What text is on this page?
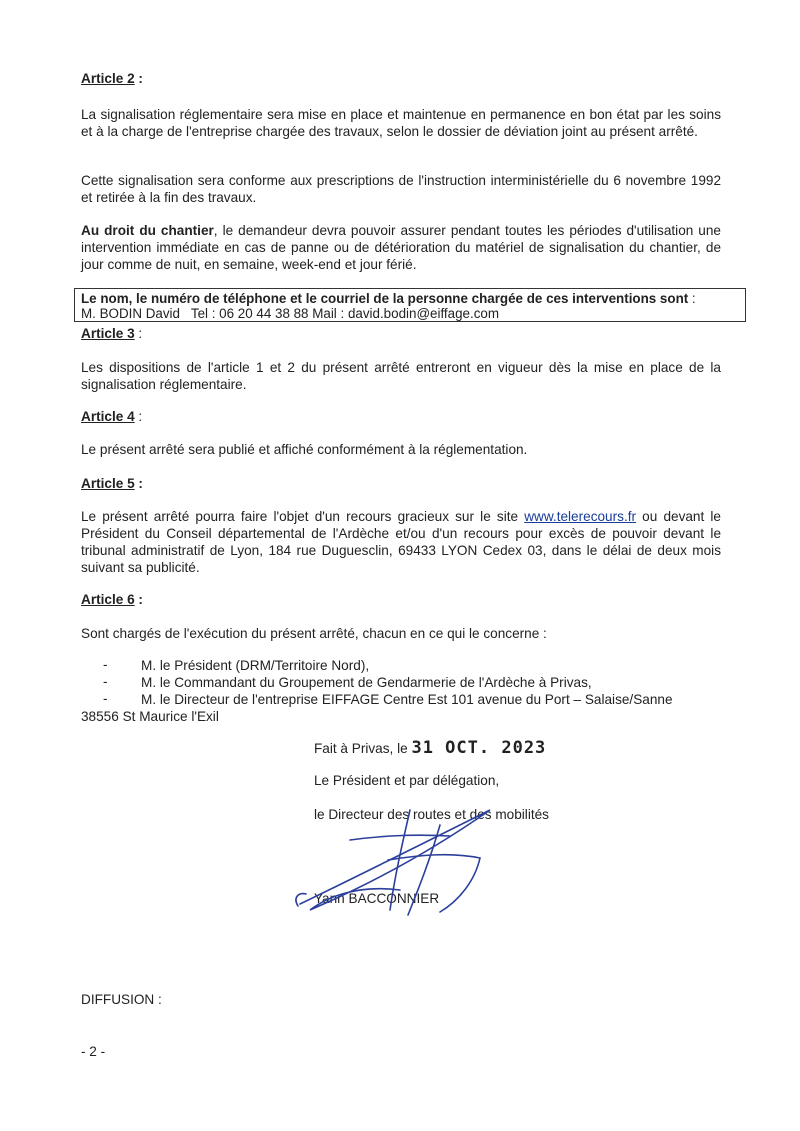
Article 2 :
La signalisation réglementaire sera mise en place et maintenue en permanence en bon état par les soins et à la charge de l'entreprise chargée des travaux, selon le dossier de déviation joint au présent arrêté.
Cette signalisation sera conforme aux prescriptions de l'instruction interministérielle du 6 novembre 1992 et retirée à la fin des travaux.
Au droit du chantier, le demandeur devra pouvoir assurer pendant toutes les périodes d'utilisation une intervention immédiate en cas de panne ou de détérioration du matériel de signalisation du chantier, de jour comme de nuit, en semaine, week-end et jour férié.
Le nom, le numéro de téléphone et le courriel de la personne chargée de ces interventions sont :
M. BODIN David   Tel : 06 20 44 38 88 Mail : david.bodin@eiffage.com
Article 3 :
Les dispositions de l'article 1 et 2 du présent arrêté entreront en vigueur dès la mise en place de la signalisation réglementaire.
Article 4 :
Le présent arrêté sera publié et affiché conformément à la réglementation.
Article 5 :
Le présent arrêté pourra faire l'objet d'un recours gracieux sur le site www.telerecours.fr ou devant le Président du Conseil départemental de l'Ardèche et/ou d'un recours pour excès de pouvoir devant le tribunal administratif de Lyon, 184 rue Duguesclin, 69433 LYON Cedex 03, dans le délai de deux mois suivant sa publicité.
Article 6 :
Sont chargés de l'exécution du présent arrêté, chacun en ce qui le concerne :
- M. le Président (DRM/Territoire Nord),
- M. le Commandant du Groupement de Gendarmerie de l'Ardèche à Privas,
- M. le Directeur de l'entreprise EIFFAGE Centre Est 101 avenue du Port – Salaise/Sanne
38556 St Maurice l'Exil
Fait à Privas, le 31 OCT. 2023
Le Président et par délégation,
le Directeur des routes et des mobilités
Yann BACCONNIER
DIFFUSION :
- 2 -
